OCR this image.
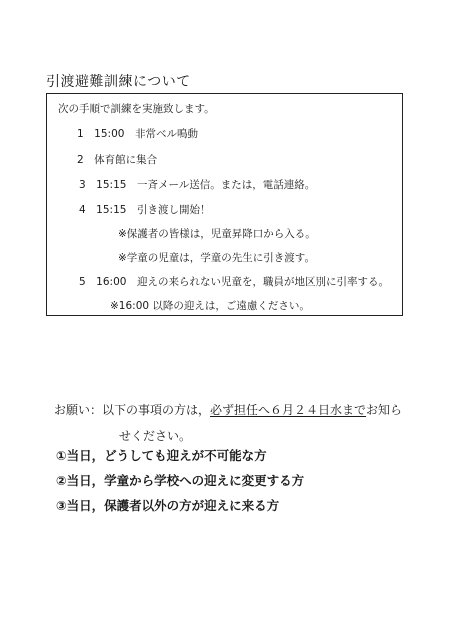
引渡避難訓練について
次の手順で訓練を実施致します。
1　15:00　非常ベル鳴動
2　体育館に集合
3　15:15　一斉メール送信。または，電話連絡。
4　15:15　引き渡し開始！
※保護者の皆様は，児童昇降口から入る。
※学童の児童は，学童の先生に引き渡す。
5　16:00　迎えの来られない児童を，職員が地区別に引率する。
※16:00 以降の迎えは，ご遠慮ください。
お願い：以下の事項の方は，必ず担任へ６月２４日水までお知ら
せください。
①当日，どうしても迎えが不可能な方
②当日，学童から学校への迎えに変更する方
③当日，保護者以外の方が迎えに来る方
